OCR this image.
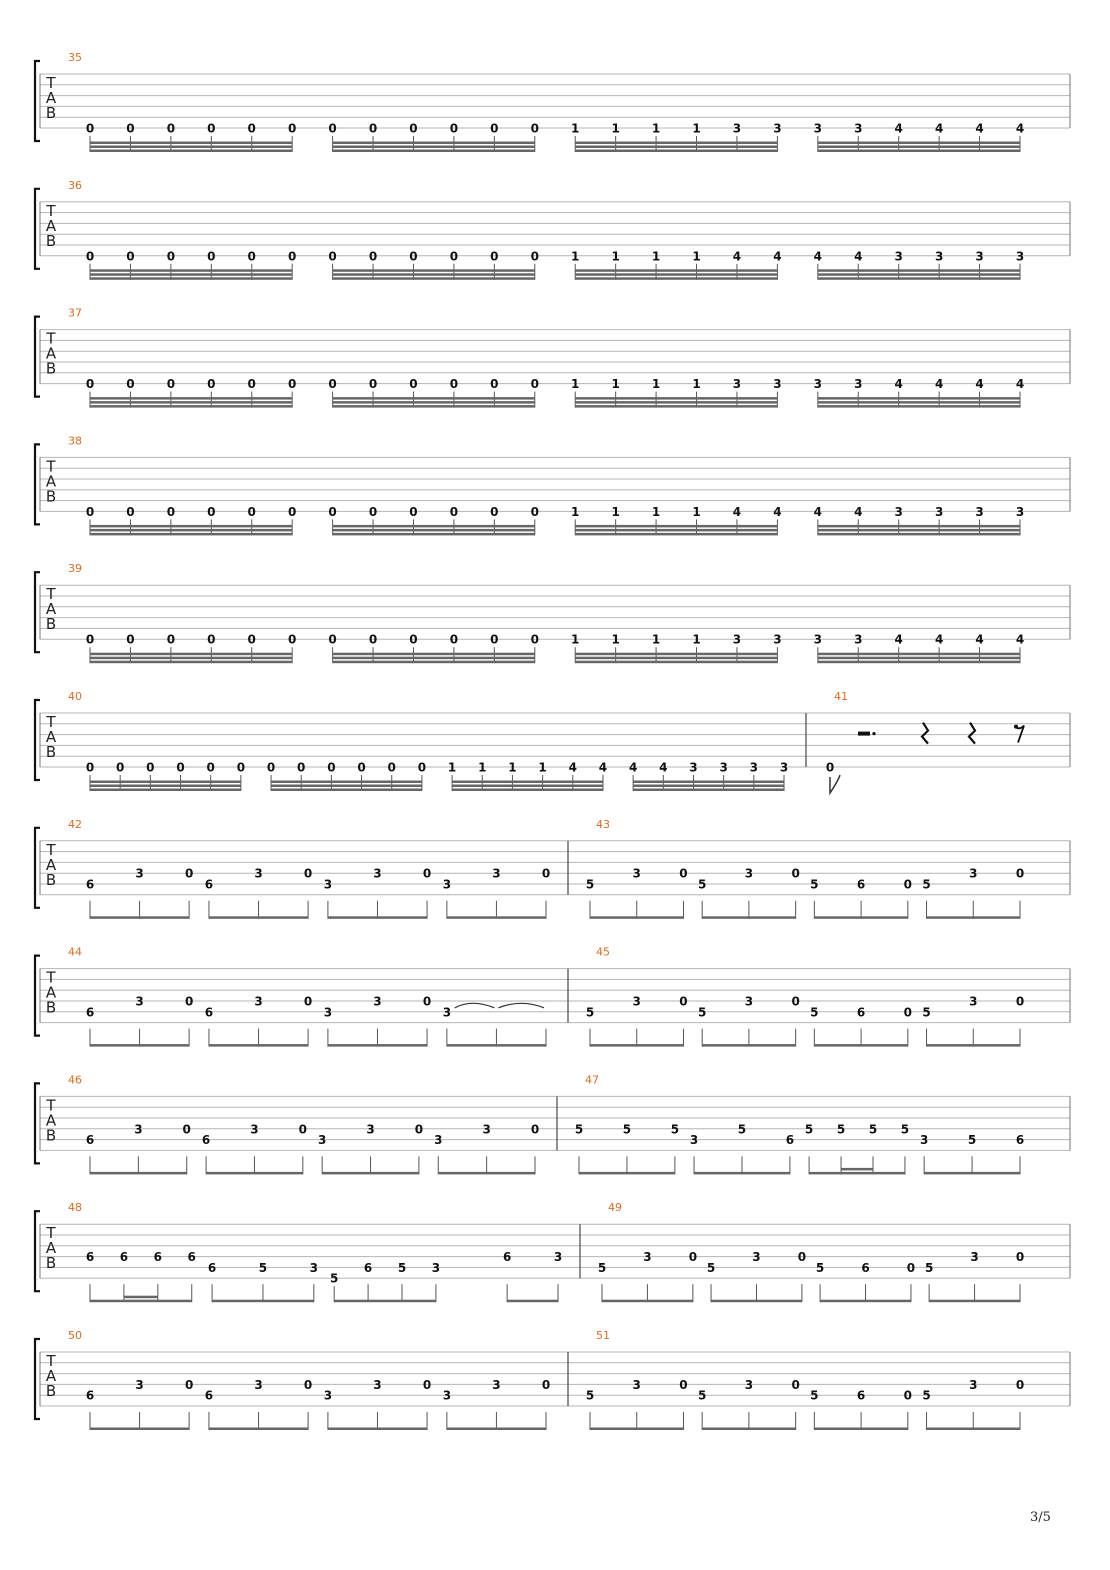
T
A
B
35
0	0	0	0	0	0	0	0	0	0	0	0	1	1	1	1	3	3	3	3	4	4	4	4
T
A
B
36
0	0	0	0	0	0	0	0	0	0	0	0	1	1	1	1	4	4	4	4	3	3	3	3
T
A
B
37
0	0	0	0	0	0	0	0	0	0	0	0	1	1	1	1	3	3	3	3	4	4	4	4
T
A
B
38
0	0	0	0	0	0	0	0	0	0	0	0	1	1	1	1	4	4	4	4	3	3	3	3
T
A
B
39
0	0	0	0	0	0	0	0	0	0	0	0	1	1	1	1	3	3	3	3	4	4	4	4
T
A
B
40
0 0 0 0 0 0 0 0 0 0 0 0 1 1 1 1 4 4 4 4 3 3 3 3
41
0
T
A
B
42
6
3	0
6
3	0
3
3	0
3
3	0
43
5
3	0
5
3	0
5	6	0 5
3	0
T
A
B
44
6
3	0
6
3	0
3
3	0
3
45
5
3	0
5
3	0
5	6	0 5
3	0
T
A
B
46
6
3	0
6
3	0
3
3	0
3
3	0
47
5	5	5
3
5
6
5 5 5 5
3	5	6
T
A
B
48
6 6 6 6
6	5	3
5
6 5 3
6	3
49
5
3	0
5
3	0
5	6	0 5
3	0
T
A
B
50
6
3	0
6
3	0
3
3	0
3
3	0
51
5
3	0
5
3	0
5	6	0 5
3	0
3/5
